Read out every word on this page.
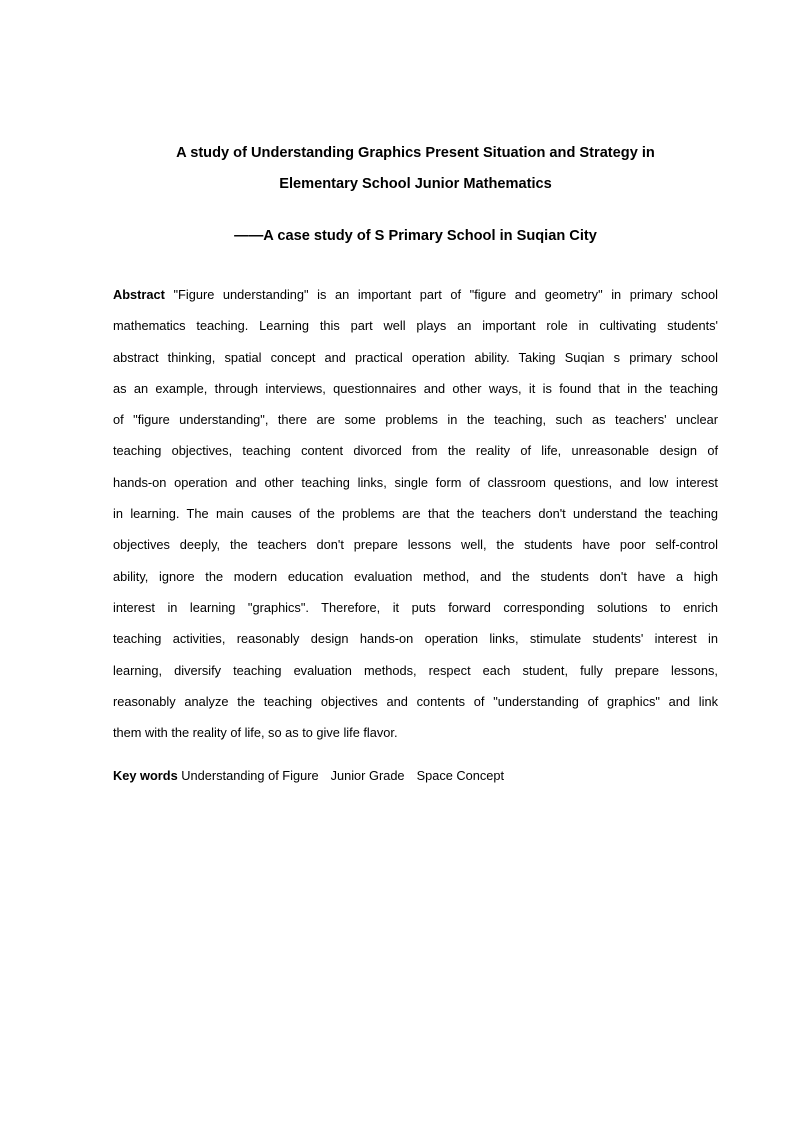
A study of Understanding Graphics Present Situation and Strategy in

Elementary School Junior Mathematics

——A case study of S Primary School in Suqian City

Abstract "Figure understanding" is an important part of "figure and geometry" in primary school
mathematics teaching. Learning this part well plays an important role in cultivating students'
abstract thinking, spatial concept and practical operation ability. Taking Suqian s primary school
as an example, through interviews, questionnaires and other ways, it is found that in the teaching
of "figure understanding", there are some problems in the teaching, such as teachers' unclear
teaching objectives, teaching content divorced from the reality of life, unreasonable design of
hands-on operation and other teaching links, single form of classroom questions, and low interest
in learning. The main causes of the problems are that the teachers don't understand the teaching
objectives deeply, the teachers don't prepare lessons well, the students have poor self-control
ability, ignore the modern education evaluation method, and the students don't have a high
interest in learning "graphics". Therefore, it puts forward corresponding solutions to enrich
teaching activities, reasonably design hands-on operation links, stimulate students' interest in
learning, diversify teaching evaluation methods, respect each student, fully prepare lessons,
reasonably analyze the teaching objectives and contents of "understanding of graphics" and link
them with the reality of life, so as to give life flavor.

Key words Understanding of Figure Junior Grade Space Concept
